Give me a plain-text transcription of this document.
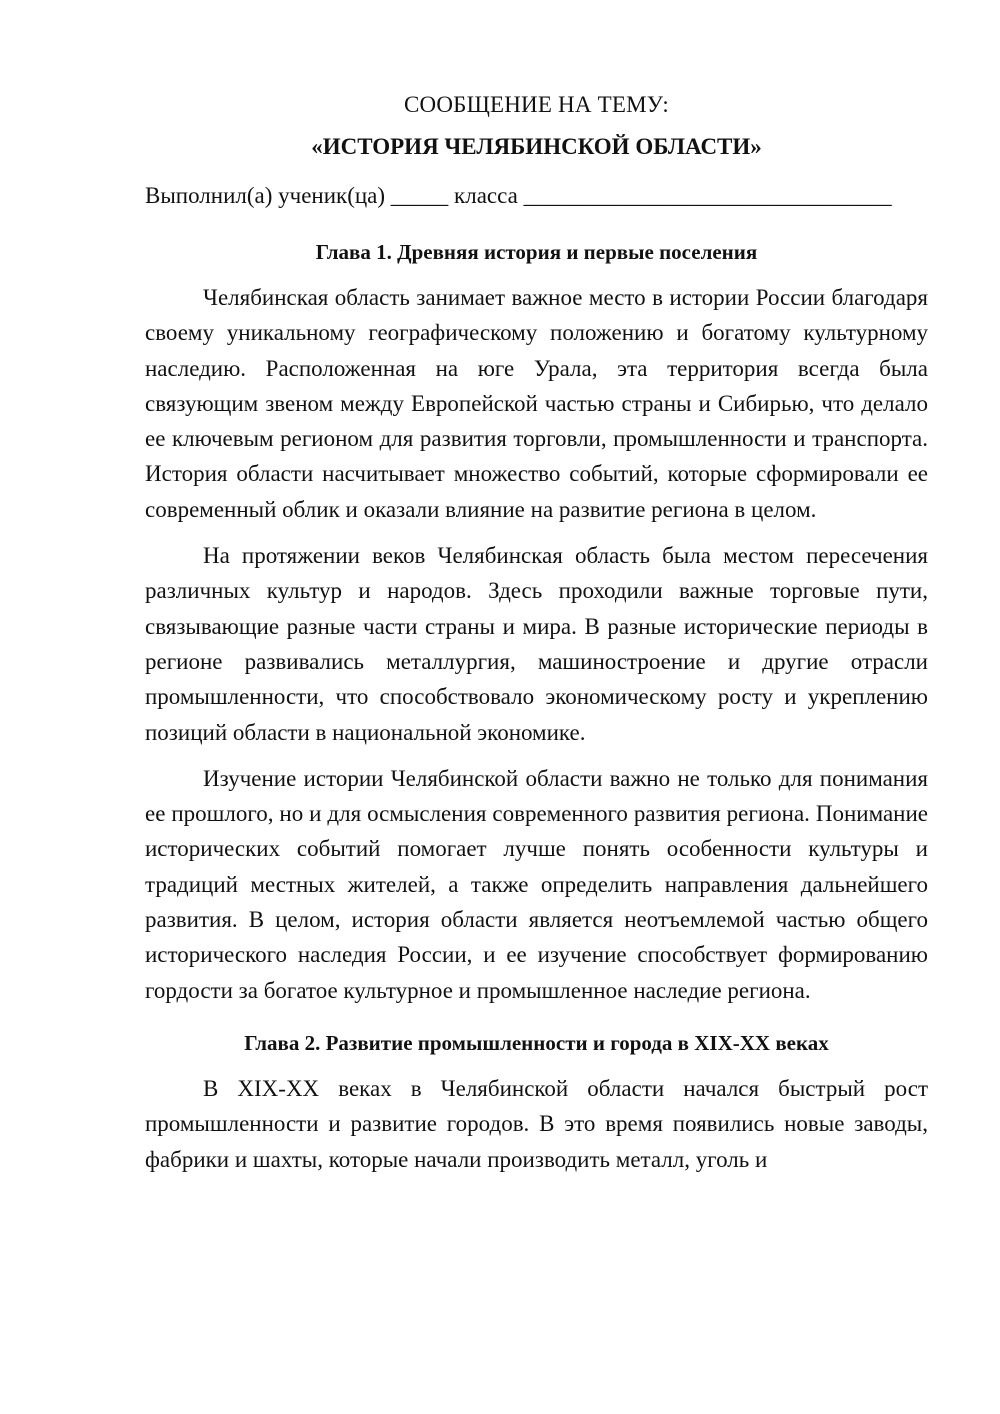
СООБЩЕНИЕ НА ТЕМУ:
«ИСТОРИЯ ЧЕЛЯБИНСКОЙ ОБЛАСТИ»

Выполнил(а) ученик(ца) _____ класса ________________________________

Глава 1. Древняя история и первые поселения

Челябинская область занимает важное место в истории России благодаря своему уникальному географическому положению и богатому культурному наследию. Расположенная на юге Урала, эта территория всегда была связующим звеном между Европейской частью страны и Сибирью, что делало ее ключевым регионом для развития торговли, промышленности и транспорта. История области насчитывает множество событий, которые сформировали ее современный облик и оказали влияние на развитие региона в целом.

На протяжении веков Челябинская область была местом пересечения различных культур и народов. Здесь проходили важные торговые пути, связывающие разные части страны и мира. В разные исторические периоды в регионе развивались металлургия, машиностроение и другие отрасли промышленности, что способствовало экономическому росту и укреплению позиций области в национальной экономике.

Изучение истории Челябинской области важно не только для понимания ее прошлого, но и для осмысления современного развития региона. Понимание исторических событий помогает лучше понять особенности культуры и традиций местных жителей, а также определить направления дальнейшего развития. В целом, история области является неотъемлемой частью общего исторического наследия России, и ее изучение способствует формированию гордости за богатое культурное и промышленное наследие региона.

Глава 2. Развитие промышленности и города в XIX-XX веках

В XIX-XX веках в Челябинской области начался быстрый рост промышленности и развитие городов. В это время появились новые заводы, фабрики и шахты, которые начали производить металл, уголь и
